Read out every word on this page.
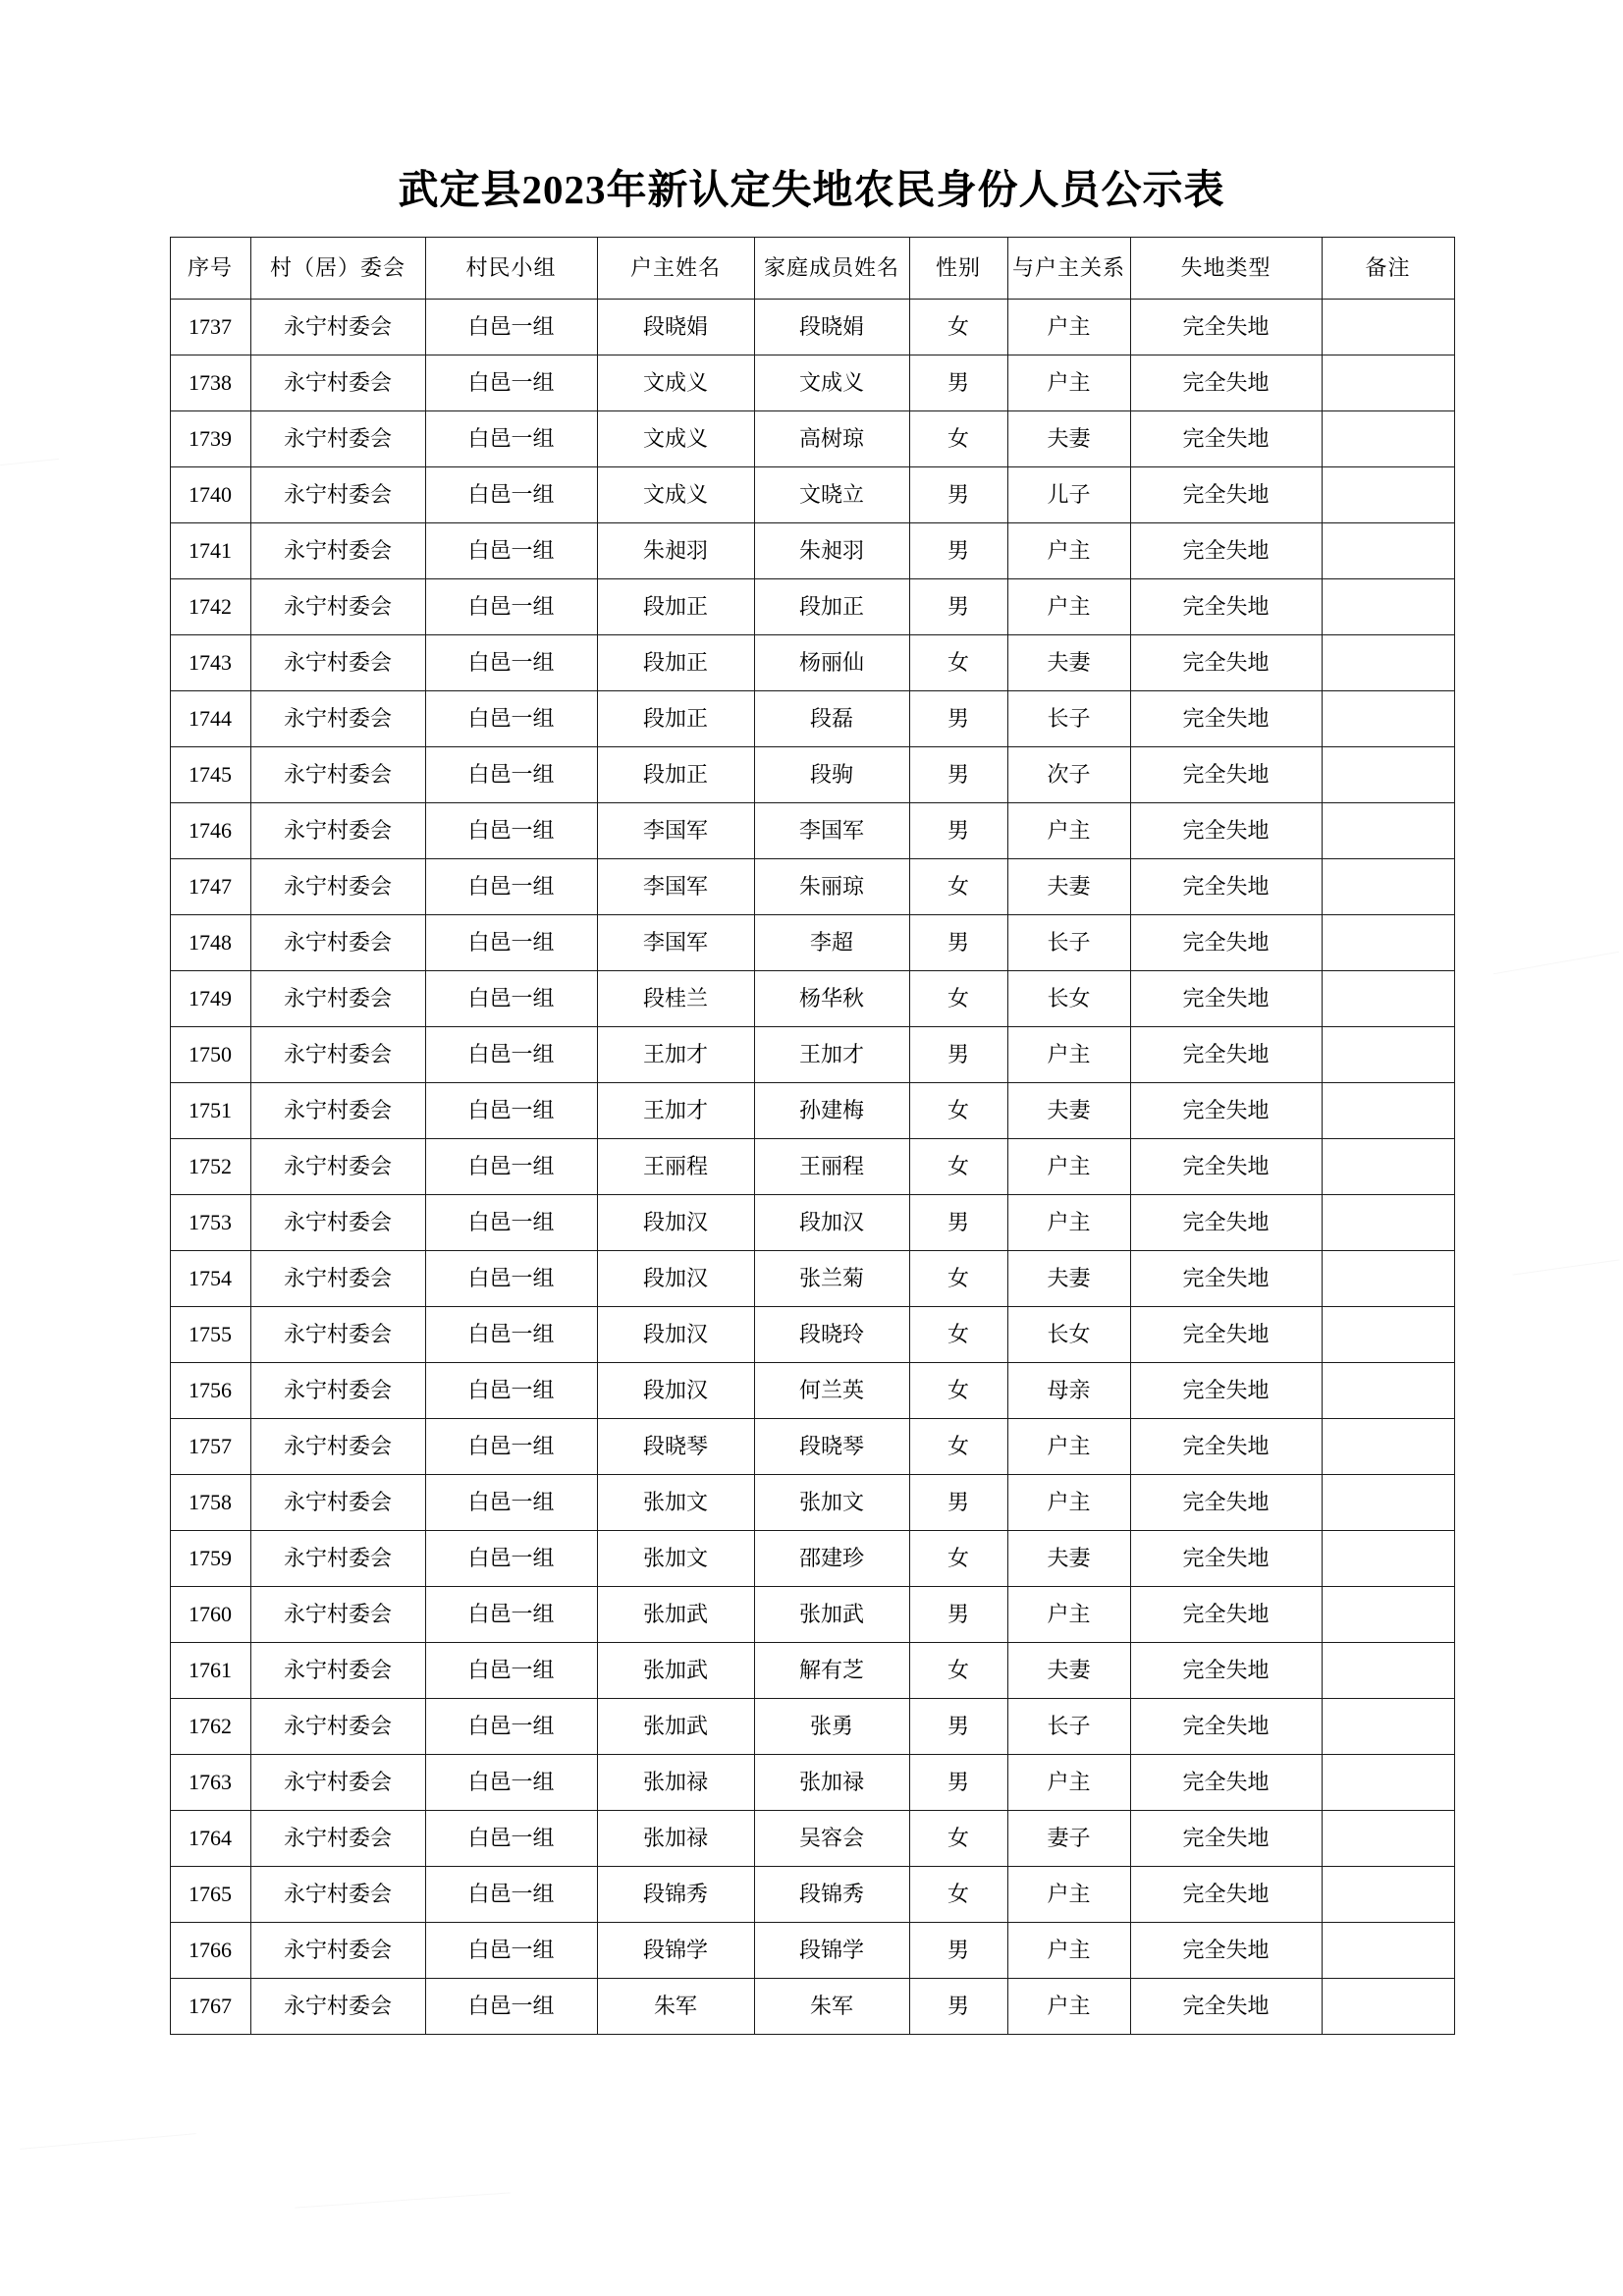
武定县2023年新认定失地农民身份人员公示表
序号	村（居）委会	村民小组	户主姓名	家庭成员姓名	性别	与户主关系	失地类型	备注

1737	永宁村委会	白邑一组	段晓娟	段晓娟	女	户主	完全失地	

1738	永宁村委会	白邑一组	文成义	文成义	男	户主	完全失地	

1739	永宁村委会	白邑一组	文成义	高树琼	女	夫妻	完全失地	

1740	永宁村委会	白邑一组	文成义	文晓立	男	儿子	完全失地	

1741	永宁村委会	白邑一组	朱昶羽	朱昶羽	男	户主	完全失地	

1742	永宁村委会	白邑一组	段加正	段加正	男	户主	完全失地	

1743	永宁村委会	白邑一组	段加正	杨丽仙	女	夫妻	完全失地	

1744	永宁村委会	白邑一组	段加正	段磊	男	长子	完全失地	

1745	永宁村委会	白邑一组	段加正	段驹	男	次子	完全失地	

1746	永宁村委会	白邑一组	李国军	李国军	男	户主	完全失地	

1747	永宁村委会	白邑一组	李国军	朱丽琼	女	夫妻	完全失地	

1748	永宁村委会	白邑一组	李国军	李超	男	长子	完全失地	

1749	永宁村委会	白邑一组	段桂兰	杨华秋	女	长女	完全失地	

1750	永宁村委会	白邑一组	王加才	王加才	男	户主	完全失地	

1751	永宁村委会	白邑一组	王加才	孙建梅	女	夫妻	完全失地	

1752	永宁村委会	白邑一组	王丽程	王丽程	女	户主	完全失地	

1753	永宁村委会	白邑一组	段加汉	段加汉	男	户主	完全失地	

1754	永宁村委会	白邑一组	段加汉	张兰菊	女	夫妻	完全失地	

1755	永宁村委会	白邑一组	段加汉	段晓玲	女	长女	完全失地	

1756	永宁村委会	白邑一组	段加汉	何兰英	女	母亲	完全失地	

1757	永宁村委会	白邑一组	段晓琴	段晓琴	女	户主	完全失地	

1758	永宁村委会	白邑一组	张加文	张加文	男	户主	完全失地	

1759	永宁村委会	白邑一组	张加文	邵建珍	女	夫妻	完全失地	

1760	永宁村委会	白邑一组	张加武	张加武	男	户主	完全失地	

1761	永宁村委会	白邑一组	张加武	解有芝	女	夫妻	完全失地	

1762	永宁村委会	白邑一组	张加武	张勇	男	长子	完全失地	

1763	永宁村委会	白邑一组	张加禄	张加禄	男	户主	完全失地	

1764	永宁村委会	白邑一组	张加禄	吴容会	女	妻子	完全失地	

1765	永宁村委会	白邑一组	段锦秀	段锦秀	女	户主	完全失地	

1766	永宁村委会	白邑一组	段锦学	段锦学	男	户主	完全失地	

1767	永宁村委会	白邑一组	朱军	朱军	男	户主	完全失地	
